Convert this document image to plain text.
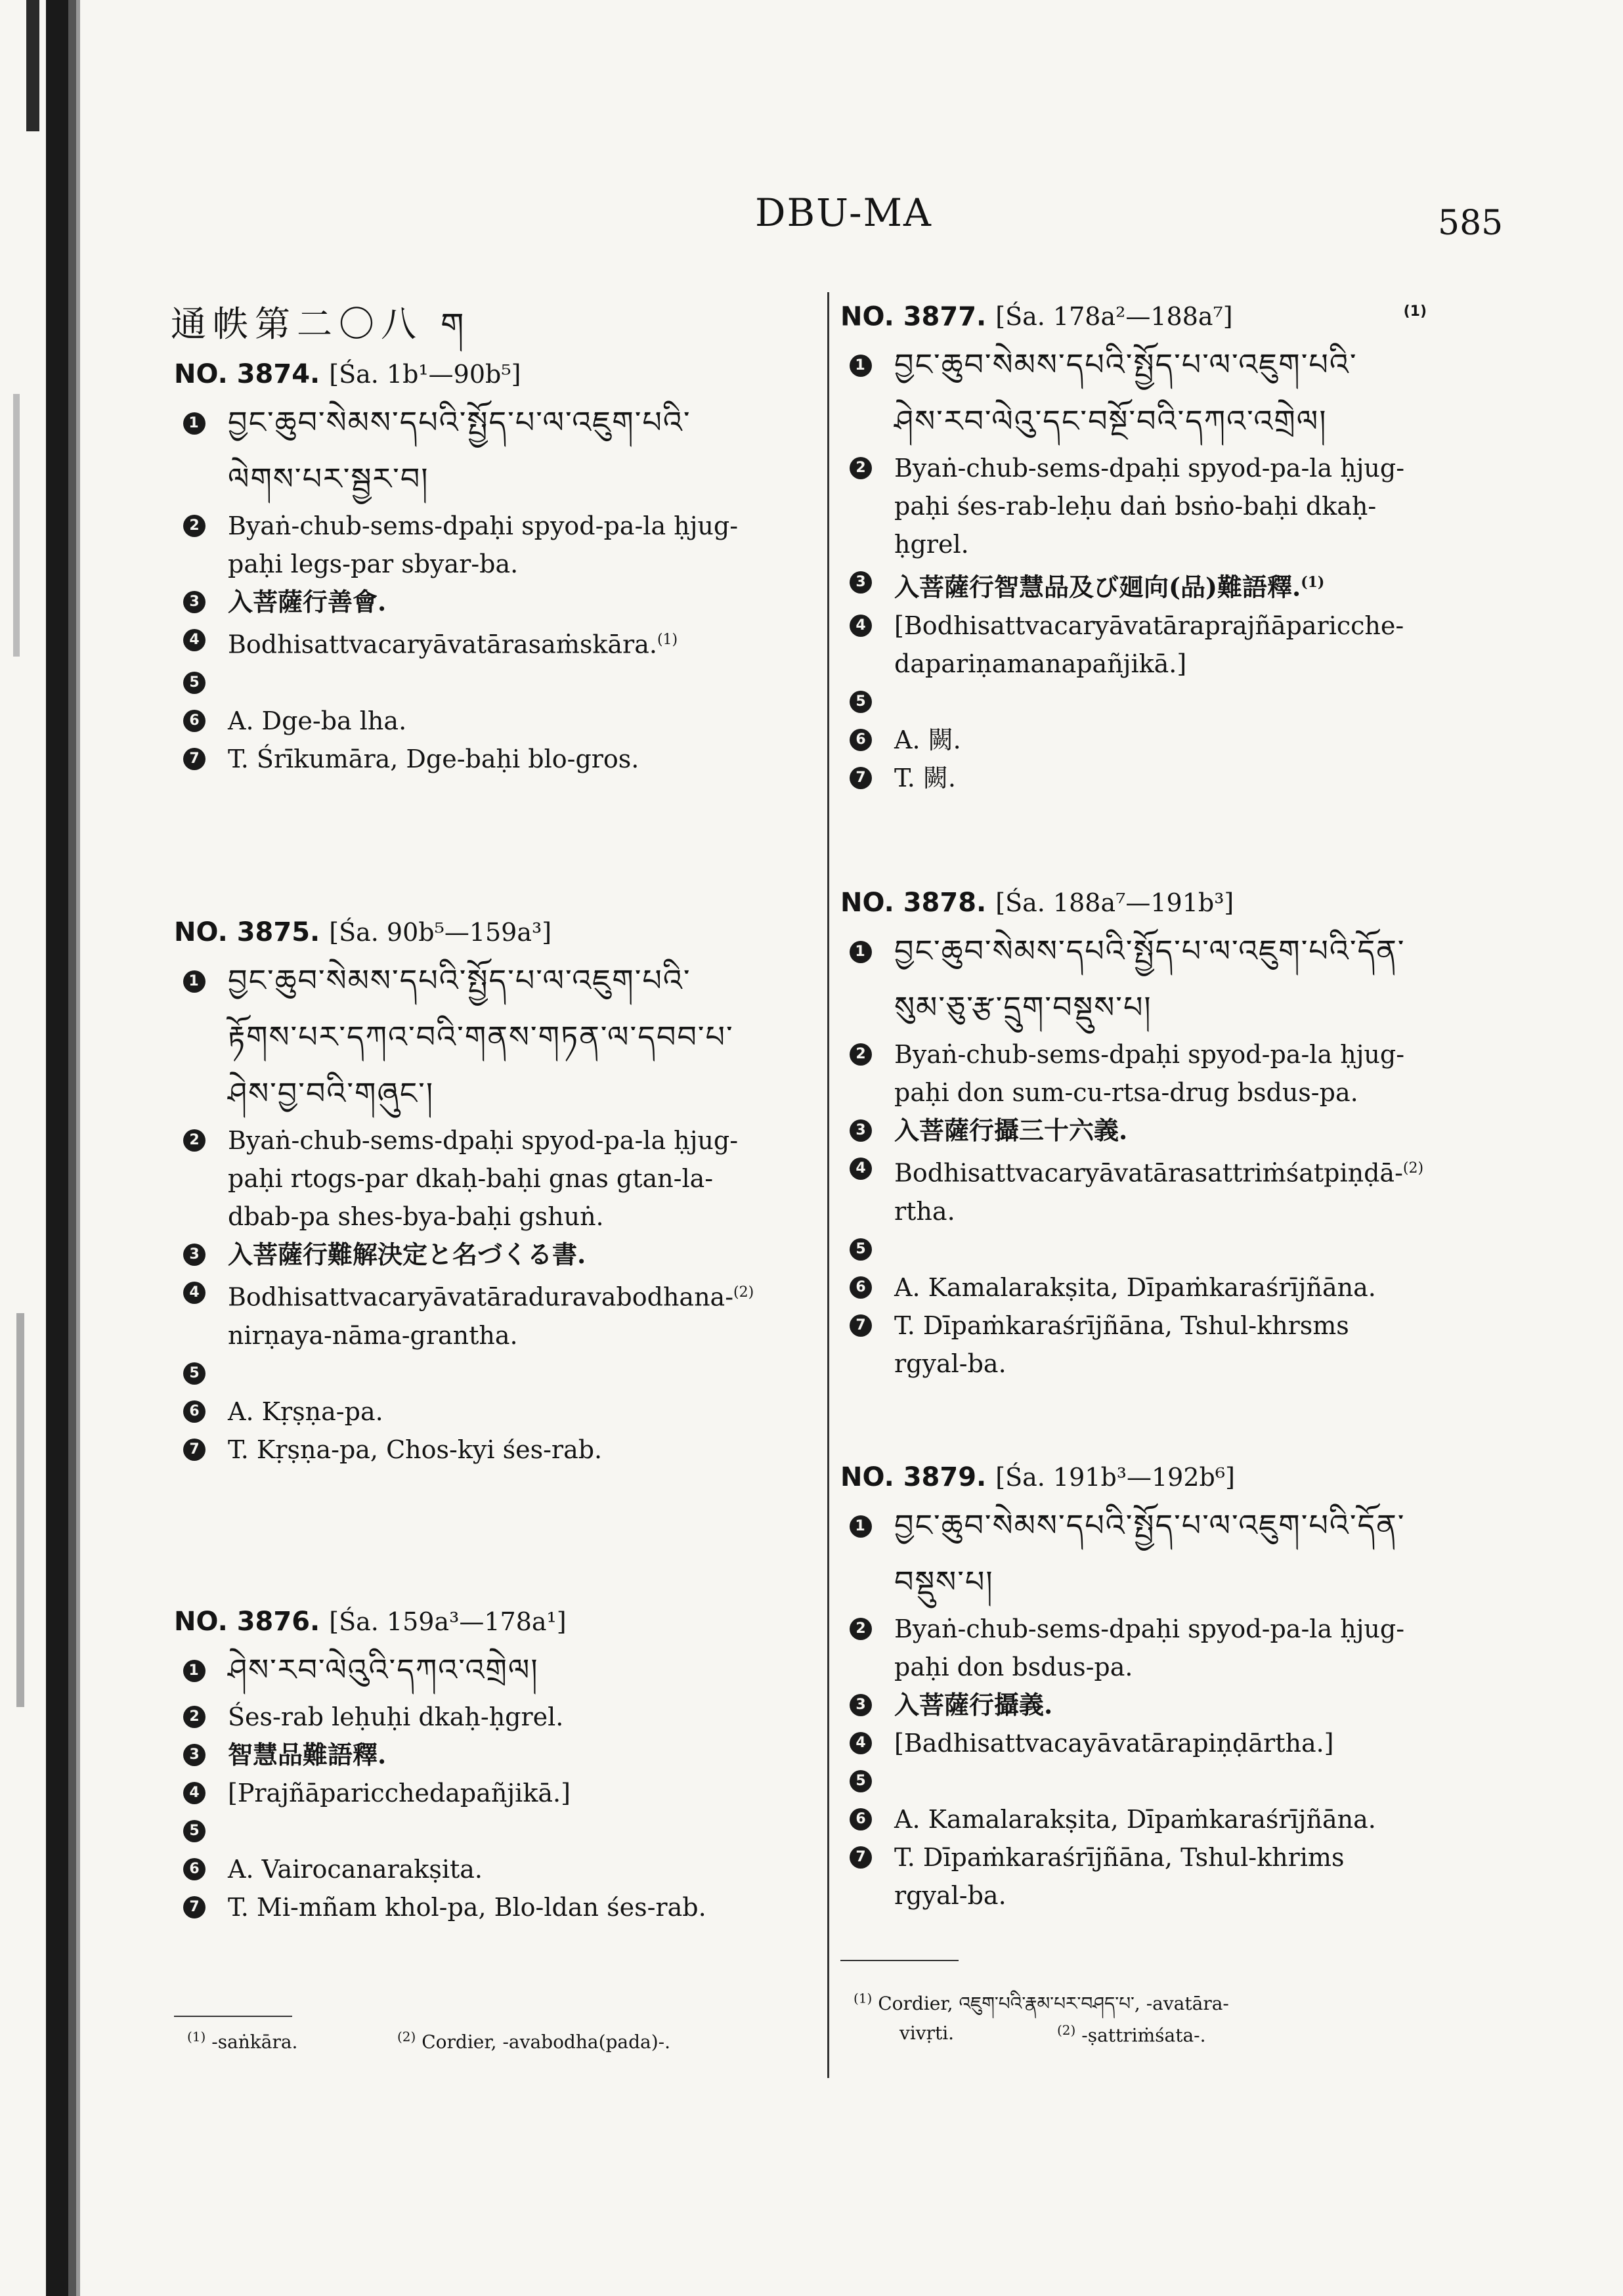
DBU-MA	585
通帙第二〇八 ག
NO. 3874. [Śa. 1b¹—90b⁵]
1 བྱང་ཆུབ་སེམས་དཔའི་སྤྱོད་པ་ལ་འཇུག་པའི་
ལེགས་པར་སྦྱར་བ།
2 Byaṅ-chub-sems-dpaḥi spyod-pa-la ḥjug-
paḥi legs-par sbyar-ba.
3 入菩薩行善會.
4 Bodhisattvacaryāvatārasaṁskāra.$^{(1)}$
5

6 A. Dge-ba lha.
7 T. Śrīkumāra, Dge-baḥi blo-gros.
NO. 3875. [Śa. 90b⁵—159a³]
1 བྱང་ཆུབ་སེམས་དཔའི་སྤྱོད་པ་ལ་འཇུག་པའི་
རྟོགས་པར་དཀའ་བའི་གནས་གཏན་ལ་དབབ་པ་
ཤེས་བྱ་བའི་གཞུང་།
2 Byaṅ-chub-sems-dpaḥi spyod-pa-la ḥjug-
paḥi rtogs-par dkaḥ-baḥi gnas gtan-la-
dbab-pa shes-bya-baḥi gshuṅ.
3 入菩薩行難解決定と名づくる書.
4 Bodhisattvacaryāvatāraduravabodhana-$^{(2)}$
nirṇaya-nāma-grantha.
5

6 A. Kṛṣṇa-pa.
7 T. Kṛṣṇa-pa, Chos-kyi śes-rab.
NO. 3876. [Śa. 159a³—178a¹]
1 ཤེས་རབ་ལེའུའི་དཀའ་འགྲེལ།
2 Śes-rab leḥuḥi dkaḥ-ḥgrel.
3 智慧品難語釋.
4 [Prajñāparicchedapañjikā.]
5

6 A. Vairocanarakṣita.
7 T. Mi-mñam khol-pa, Blo-ldan śes-rab.
$^{(1)}$ -saṅkāra.	$^{(2)}$ Cordier, -avabodha(pada)-.
NO. 3877. [Śa. 178a²—188a⁷]	$^{(1)}$
1 བྱང་ཆུབ་སེམས་དཔའི་སྤྱོད་པ་ལ་འཇུག་པའི་
ཤེས་རབ་ལེའུ་དང་བསྔོ་བའི་དཀའ་འགྲེལ།
2 Byaṅ-chub-sems-dpaḥi spyod-pa-la ḥjug-
paḥi śes-rab-leḥu daṅ bsṅo-baḥi dkaḥ-
ḥgrel.
3 入菩薩行智慧品及び廻向(品)難語釋.$^{(1)}$
4 [Bodhisattvacaryāvatāraprajñāparicche-
dapariṇamanapañjikā.]
5

6 A. 闕.
7 T. 闕.
NO. 3878. [Śa. 188a⁷—191b³]
1 བྱང་ཆུབ་སེམས་དཔའི་སྤྱོད་པ་ལ་འཇུག་པའི་དོན་
སུམ་ཅུ་རྩ་དྲུག་བསྡུས་པ།
2 Byaṅ-chub-sems-dpaḥi spyod-pa-la ḥjug-
paḥi don sum-cu-rtsa-drug bsdus-pa.
3 入菩薩行攝三十六義.
4 Bodhisattvacaryāvatārasattriṁśatpiṇḍā-$^{(2)}$
rtha.
5

6 A. Kamalarakṣita, Dīpaṁkaraśrījñāna.
7 T. Dīpaṁkaraśrījñāna, Tshul-khrsms
rgyal-ba.
NO. 3879. [Śa. 191b³—192b⁶]
1 བྱང་ཆུབ་སེམས་དཔའི་སྤྱོད་པ་ལ་འཇུག་པའི་དོན་
བསྡུས་པ།
2 Byaṅ-chub-sems-dpaḥi spyod-pa-la ḥjug-
paḥi don bsdus-pa.
3 入菩薩行攝義.
4 [Badhisattvacayāvatārapiṇḍārtha.]
5

6 A. Kamalarakṣita, Dīpaṁkaraśrījñāna.
7 T. Dīpaṁkaraśrījñāna, Tshul-khrims
rgyal-ba.
$^{(1)}$ Cordier, འཇུག་པའི་རྣམ་པར་བཤད་པ་, -avatāra-
vivṛti.	$^{(2)}$ -ṣattriṁśata-.
